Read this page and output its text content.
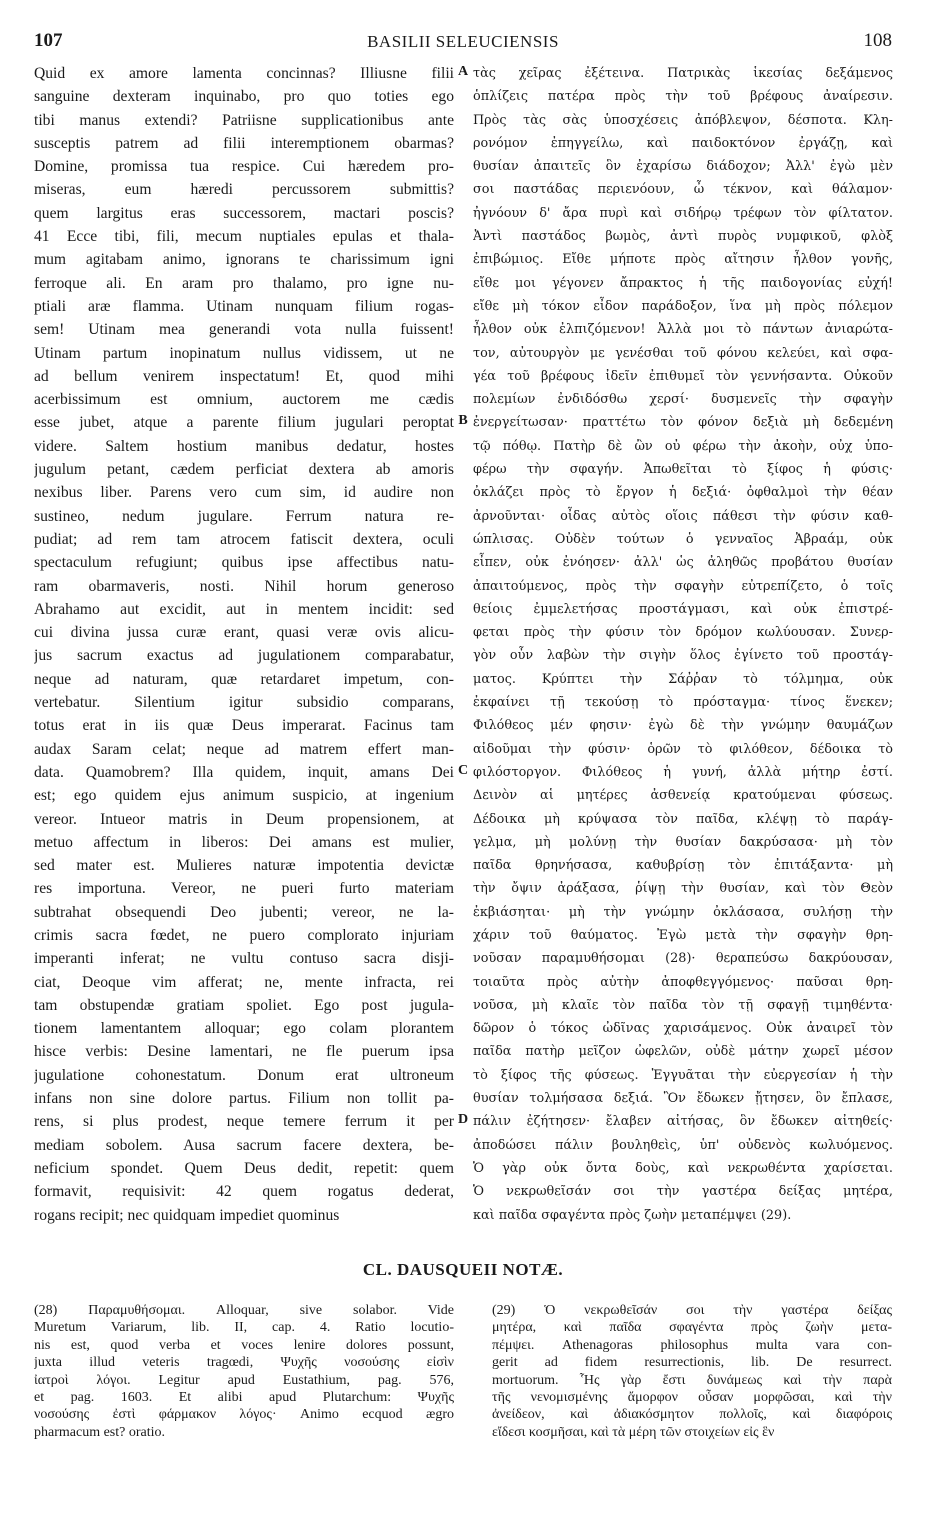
107	BASILII SELEUCIENSIS	108
Quid ex amore lamenta concinnas? Illiusne filii
sanguine dexteram inquinabo, pro quo toties ego
tibi manus extendi? Patriisne supplicationibus ante
susceptis patrem ad filii interemptionem obarmas?
Domine, promissa tua respice. Cui hæredem pro-
miseras, eum hæredi percussorem submittis?
quem largitus eras successorem, mactari poscis?
41 Ecce tibi, fili, mecum nuptiales epulas et thala-
mum agitabam animo, ignorans te charissimum igni
ferroque ali. En aram pro thalamo, pro igne nu-
ptiali aræ flamma. Utinam nunquam filium rogas-
sem! Utinam mea generandi vota nulla fuissent!
Utinam partum inopinatum nullus vidissem, ut ne
ad bellum venirem inspectatum! Et, quod mihi
acerbissimum est omnium, auctorem me cædis
esse jubet, atque a parente filium jugulari peroptat
videre. Saltem hostium manibus dedatur, hostes
jugulum petant, cædem perficiat dextera ab amoris
nexibus liber. Parens vero cum sim, id audire non
sustineo, nedum jugulare. Ferrum natura re-
pudiat; ad rem tam atrocem fatiscit dextera, oculi
spectaculum refugiunt; quibus ipse affectibus natu-
ram obarmaveris, nosti. Nihil horum generoso
Abrahamo aut excidit, aut in mentem incidit: sed
cui divina jussa curæ erant, quasi veræ ovis alicu-
jus sacrum exactus ad jugulationem comparabatur,
neque ad naturam, quæ retardaret impetum, con-
vertebatur. Silentium igitur subsidio comparans,
totus erat in iis quæ Deus imperarat. Facinus tam
audax Saram celat; neque ad matrem effert man-
data. Quamobrem? Illa quidem, inquit, amans Dei
est; ego quidem ejus animum suspicio, at ingenium
vereor. Intueor matris in Deum propensionem, at
metuo affectum in liberos: Dei amans est mulier,
sed mater est. Mulieres naturæ impotentia devictæ
res importuna. Vereor, ne pueri furto materiam
subtrahat obsequendi Deo jubenti; vereor, ne la-
crimis sacra fœdet, ne puero comploratο injuriam
imperanti inferat; ne vultu contuso sacra disji-
ciat, Deoque vim afferat; ne, mente infracta, rei
tam obstupendæ gratiam spoliet. Ego post jugula-
tionem lamentantem alloquar; ego colam plorantem
hisce verbis: Desine lamentari, ne fle puerum ipsa
jugulatione cohonestatum. Donum erat ultroneum
infans non sine dolore partus. Filium non tollit pa-
rens, si plus prodest, neque temere ferrum it per
mediam sobolem. Ausa sacrum facere dextera, be-
neficium spondet. Quem Deus dedit, repetit: quem
formavit, requisivit: 42 quem rogatus dederat,
rogans recipit; nec quidquam impediet quominus
τὰς χεῖρας ἐξέτεινα. Πατρικὰς ἱκεσίας δεξάμενος
ὁπλίζεις πατέρα πρὸς τὴν τοῦ βρέφους ἀναίρεσιν.
Πρὸς τὰς σὰς ὑποσχέσεις ἀπόβλεψον, δέσποτα. Κλη-
ρονόμον ἐπηγγείλω, καὶ παιδοκτόνον ἐργάζῃ, καὶ
θυσίαν ἀπαιτεῖς ὃν ἐχαρίσω διάδοχον; Ἀλλ' ἐγὼ μὲν
σοι παστάδας περιενόουν, ὦ τέκνον, καὶ θάλαμον·
ἠγνόουν δ' ἄρα πυρὶ καὶ σιδήρῳ τρέφων τὸν φίλτατον.
Ἀντὶ παστάδος βωμὸς, ἀντὶ πυρὸς νυμφικοῦ, φλὸξ
ἐπιβώμιος. Εἴθε μήποτε πρὸς αἴτησιν ἦλθον γονῆς,
εἴθε μοι γέγονεν ἄπρακτος ἡ τῆς παιδογονίας εὐχή!
εἴθε μὴ τόκον εἶδον παράδοξον, ἵνα μὴ πρὸς πόλεμον
ἦλθον οὐκ ἐλπιζόμενον! Ἀλλὰ μοι τὸ πάντων ἀνιαρώτα-
τον, αὐτουργὸν με γενέσθαι τοῦ φόνου κελεύει, καὶ σφα-
γέα τοῦ βρέφους ἰδεῖν ἐπιθυμεῖ τὸν γεννήσαντα. Οὐκοῦν
πολεμίων ἐνδιδόσθω χερσί· δυσμενεῖς τὴν σφαγὴν
ἐνεργείτωσαν· πραττέτω τὸν φόνον δεξιὰ μὴ δεδεμένη
τῷ πόθῳ. Πατὴρ δὲ ὢν οὐ φέρω τὴν ἀκοὴν, οὐχ ὑπο-
φέρω τὴν σφαγήν. Ἀπωθεῖται τὸ ξίφος ἡ φύσις·
ὀκλάζει πρὸς τὸ ἔργον ἡ δεξιά· ὀφθαλμοὶ τὴν θέαν
ἀρνοῦνται· οἶδας αὐτὸς οἵοις πάθεσι τὴν φύσιν καθ-
ώπλισας. Οὐδὲν τούτων ὁ γενναῖος Ἀβραάμ, οὐκ
εἶπεν, οὐκ ἐνόησεν· ἀλλ' ὡς ἀληθῶς προβάτου θυσίαν
ἀπαιτούμενος, πρὸς τὴν σφαγὴν εὐτρεπίζετο, ὁ τοῖς
θείοις ἐμμελετήσας προστάγμασι, καὶ οὐκ ἐπιστρέ-
φεται πρὸς τὴν φύσιν τὸν δρόμον κωλύουσαν. Συνερ-
γὸν οὖν λαβὼν τὴν σιγὴν ὅλος ἐγίνετο τοῦ προστάγ-
ματος. Κρύπτει τὴν Σάῤῥαν τὸ τόλμημα, οὐκ
ἐκφαίνει τῇ τεκούσῃ τὸ πρόσταγμα· τίνος ἕνεκεν;
Φιλόθεος μέν φησιν· ἐγὼ δὲ τὴν γνώμην θαυμάζων
αἰδοῦμαι τὴν φύσιν· ὁρῶν τὸ φιλόθεον, δέδοικα τὸ
φιλόστοργον. Φιλόθεος ἡ γυνή, ἀλλὰ μήτηρ ἐστί.
Δεινὸν αἱ μητέρες ἀσθενείᾳ κρατούμεναι φύσεως.
Δέδοικα μὴ κρύψασα τὸν παῖδα, κλέψῃ τὸ παράγ-
γελμα, μὴ μολύνῃ τὴν θυσίαν δακρύσασα· μὴ τὸν
παῖδα θρηνήσασα, καθυβρίσῃ τὸν ἐπιτάξαντα· μὴ
τὴν ὄψιν ἀράξασα, ῥίψῃ τὴν θυσίαν, καὶ τὸν Θεὸν
ἐκβιάσηται· μὴ τὴν γνώμην ὀκλάσασα, συλήσῃ τὴν
χάριν τοῦ θαύματος. Ἐγὼ μετὰ τὴν σφαγὴν θρη-
νοῦσαν παραμυθήσομαι (28)· θεραπεύσω δακρύουσαν,
τοιαῦτα πρὸς αὐτὴν ἀποφθεγγόμενος· παῦσαι θρη-
νοῦσα, μὴ κλαῖε τὸν παῖδα τὸν τῇ σφαγῇ τιμηθέντα·
δῶρον ὁ τόκος ὠδῖνας χαρισάμενος. Οὐκ ἀναιρεῖ τὸν
παῖδα πατὴρ μεῖζον ὠφελῶν, οὐδὲ μάτην χωρεῖ μέσον
τὸ ξίφος τῆς φύσεως. Ἐγγυᾶται τὴν εὐεργεσίαν ἡ τὴν
θυσίαν τολμήσασα δεξιά. Ὃν ἔδωκεν ᾔτησεν, ὃν ἔπλασε,
πάλιν ἐζήτησεν· ἔλαβεν αἰτήσας, ὃν ἔδωκεν αἰτηθείς·
ἀποδώσει πάλιν βουληθεὶς, ὑπ' οὐδενὸς κωλυόμενος.
Ὁ γὰρ οὐκ ὄντα δοὺς, καὶ νεκρωθέντα χαρίσεται.
Ὁ νεκρωθεῖσάν σοι τὴν γαστέρα δείξας μητέρα,
καὶ παῖδα σφαγέντα πρὸς ζωὴν μεταπέμψει (29).
A
B
C
D
CL. DAUSQUEII NOTÆ.
(28) Παραμυθήσομαι. Alloquar, sive solabor. Vide
Muretum Variarum, lib. II, cap. 4. Ratio locutio-
nis est, quod verba et voces lenire dolores possunt,
juxta illud veteris tragœdi, Ψυχῆς νοσούσης εἰσὶν
ἰατροὶ λόγοι. Legitur apud Eustathium, pag. 576,
et pag. 1603. Et alibi apud Plutarchum: Ψυχῆς
νοσούσης ἐστὶ φάρμακον λόγος· Animo ecquod ægro
pharmacum est? oratio.
(29) Ὁ νεκρωθεῖσάν σοι τὴν γαστέρα δείξας
μητέρα, καὶ παῖδα σφαγέντα πρὸς ζωὴν μετα-
πέμψει. Athenagoras philosophus multa vara con-
gerit ad fidem resurrectionis, lib. De resurrect.
mortuorum. Ἧς γὰρ ἔστι δυνάμεως καὶ τὴν παρὰ
τῆς νενομισμένης ἄμορφον οὖσαν μορφῶσαι, καὶ τὴν
ἀνείδεον, καὶ ἀδιακόσμητον πολλοῖς, καὶ διαφόροις
εἴδεσι κοσμῆσαι, καὶ τὰ μέρη τῶν στοιχείων εἰς ἓν
